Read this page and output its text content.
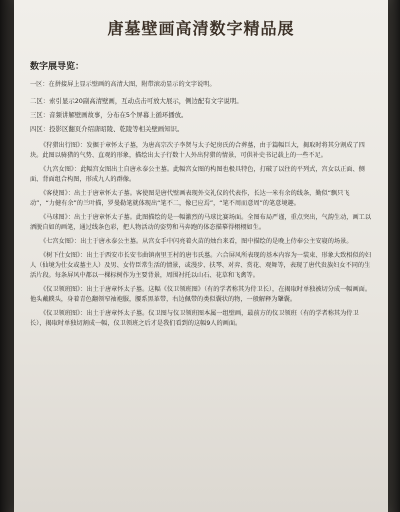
唐墓壁画高清数字精品展
数字展导览：

一区：在拼接屏上显示壁画的高清大图，附带滚动显示的文字说明。

二区：索引显示20副高清壁画，互动点击可放大展示，侧边配有文字说明。

三区：音频讲解壁画故事，分布在5个屏幕上循环播放。

四区：投影区翻页介绍唐昭陵、乾陵等相关壁画知识。

《狩猎出行图》：发掘于章怀太子墓，为唐高宗次子李贤与太子妃房氏的合葬墓，由于篇幅巨大，揭取时将其分割成了四块。此图以骑猎的气势、直观的形象，描绘出太子行数十人外出狩猎的情景，可供补史书记载上的一些不足。

《九宫女图》：此幅宫女图出土自唐永泰公主墓。此幅宫女图的构图也极具特色，打破了以往的平列式，宫女以正面、侧面、背面组合构图，形成九人的群像。

《客使图》：出土于唐章怀太子墓。客使图是唐代壁画表现外交礼仪的代表作，长达一米有余的线条，勤似“飘只飞动”，“力健有余”的兰叶描，罗曼勒笔就体现出“笔不二，像已应焉”，“笔不周而意周”的笔意境趣。

《马球图》：出土于唐章怀太子墓。此图描绘的是一幅激烈的马球比赛场面。全图布局严谨，重点突出，气韵生动，画工以洒脱自如的画笔，通过线条色彩，把人物活动的姿势和马奔跑的体态描摹得栩栩如生。

《七宫女图》：出土于唐永泰公主墓。从宫女手中闪亮着火苗的烛台来看，图中描绘的是晚上侍奉公主安寝的场景。

《树下仕女图》：出土于西安市长安韦曲镇南里王村的唐韦氏墓。六合屏风所表现的基本内容为一装束、形象大致相似的妇人（仙境为仕女或墓主人）及男、女侍臣常生活的情景，或漫步、扶琴、对弈、赏花、观舞等，表现了唐代贵族妇女不同的生活片段。每条屏风中都以一棵标树作为主要背景，周围衬托以山石、花草和飞禽等。

《仪卫领班图》：出土于唐章怀太子墓。这幅《仪卫领班图》（有的学者称其为侍卫长），在揭取时单独被切分成一幅画面。他头戴幞头，身着青色翻领窄袖袍服，腰系黑革带，右边佩带的类似囊状的物，一般解释为鞶囊。

《仪卫领班图》：出土于唐章怀太子墓。仪卫图与仪卫领班图本属一组壁画，最前方的仪卫领班（有的学者称其为侍卫长），揭取时单独切割成一幅，仪卫领班之后才是我们看到的这幅9人的画面。
